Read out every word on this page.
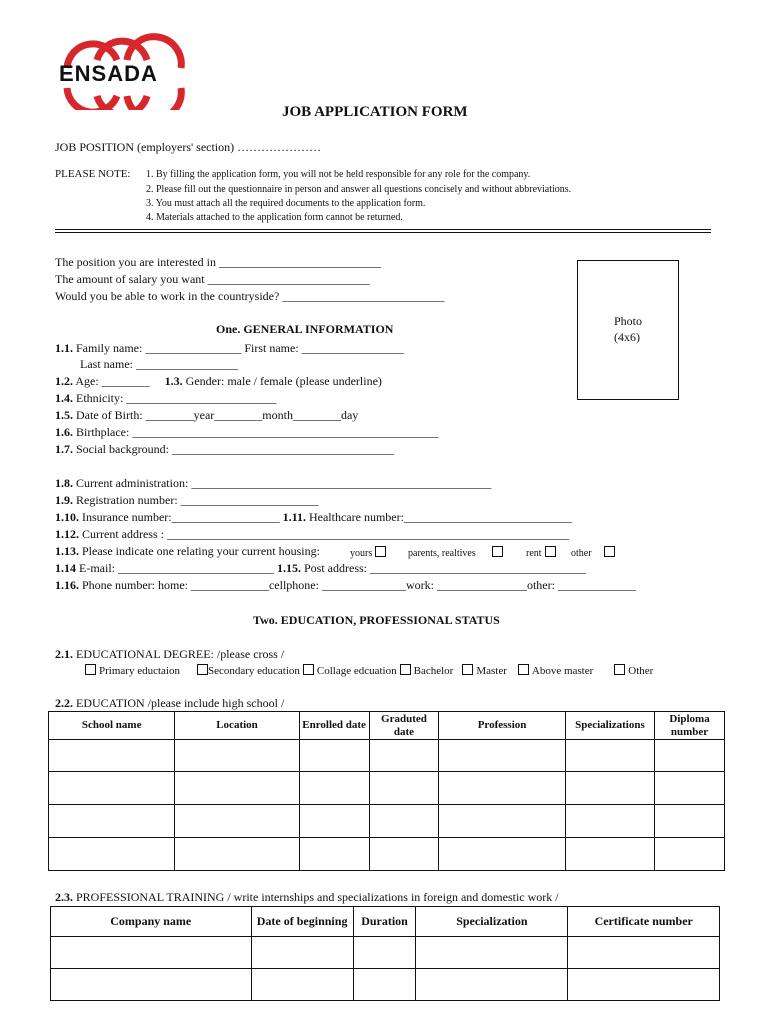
ENSADA
JOB APPLICATION FORM
JOB POSITION (employers' section) …………………
PLEASE NOTE: 1. By filling the application form, you will not be held responsible for any role for the company.
2. Please fill out the questionnaire in person and answer all questions concisely and without abbreviations.
3. You must attach all the required documents to the application form.
4. Materials attached to the application form cannot be returned.
The position you are interested in ___________________________
The amount of salary you want ___________________________
Would you be able to work in the countryside? ___________________________
Photo
(4x6)
One. GENERAL INFORMATION
1.1. Family name: ________________ First name: _________________
Last name: _________________
1.2. Age: ________ 1.3. Gender: male / female (please underline)
1.4. Ethnicity: _________________________
1.5. Date of Birth: ________year________month________day
1.6. Birthplace: ___________________________________________________
1.7. Social background: _____________________________________
1.8. Current administration: __________________________________________________
1.9. Registration number: _______________________
1.10. Insurance number:__________________ 1.11. Healthcare number:____________________________
1.12. Current address : ___________________________________________________________________
1.13. Please indicate one relating your current housing:	yours	parents, realtives	rent	other
1.14 E-mail: __________________________ 1.15. Post address: ____________________________________
1.16. Phone number: home: _____________cellphone: ______________work: _______________other: _____________
Two. EDUCATION, PROFESSIONAL STATUS
2.1. EDUCATIONAL DEGREE: /please cross /
Primary eductaion	Secondary education Collage edcuation Bachelor Master Above master	Other
2.2. EDUCATION /please include high school /
School name	Location	Enrolled date	Graduted date	Profession	Specializations	Diploma number

2.3. PROFESSIONAL TRAINING / write internships and specializations in foreign and domestic work /
Company name	Date of beginning	Duration	Specialization	Certificate number
